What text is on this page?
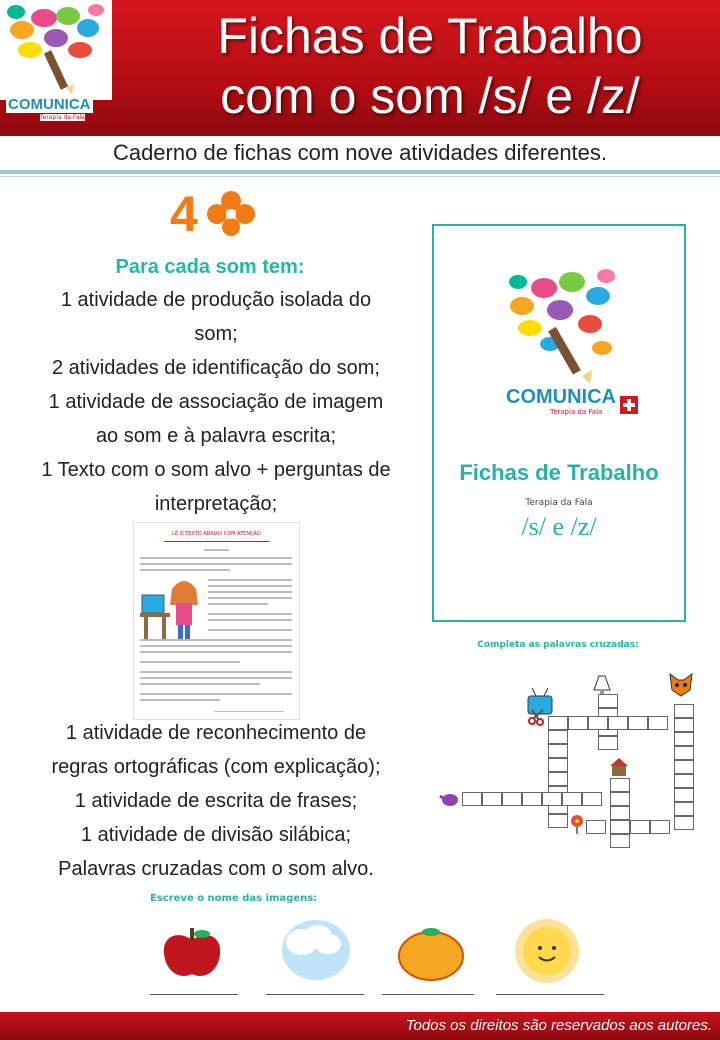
COMUNICA
Terapia da Fala
Fichas de Trabalho
com o som /s/ e /z/
Caderno de fichas com nove atividades diferentes.
4
Para cada som tem:
1 atividade de produção isolada do
som;
2 atividades de identificação do som;
1 atividade de associação de imagem
ao som e à palavra escrita;
1 Texto com o som alvo + perguntas de
interpretação;
LÊ O TEXTO ABAIXO COM ATENÇÃO
1 atividade de reconhecimento de
regras ortográficas (com explicação);
1 atividade de escrita de frases;
1 atividade de divisão silábica;
Palavras cruzadas com o som alvo.
COMUNICA
Terapia da Fala
Fichas de Trabalho
Terapia da Fala
/s/ e /z/
Completa as palavras cruzadas:
Escreve o nome das imagens:
Todos os direitos são reservados aos autores.
